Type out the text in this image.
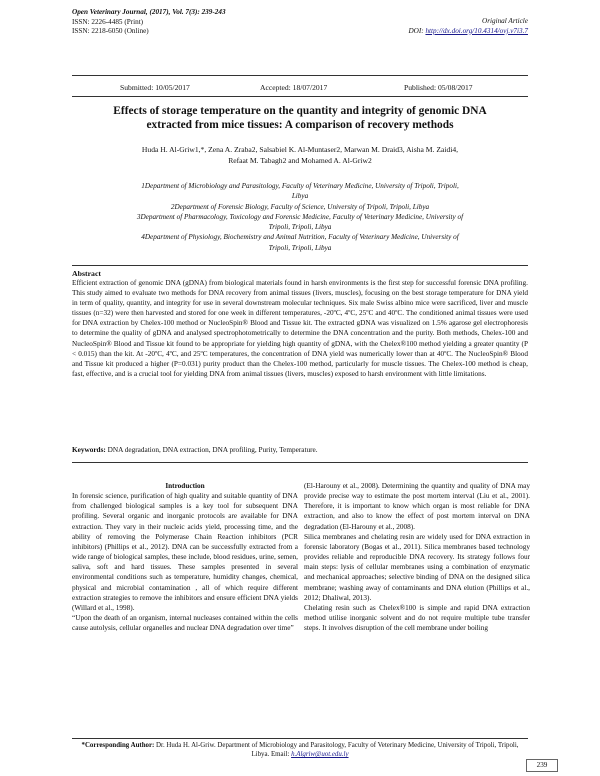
Open Veterinary Journal, (2017), Vol. 7(3): 239-243
ISSN: 2226-4485 (Print)
ISSN: 2218-6050 (Online)
Original Article
DOI: http://dx.doi.org/10.4314/ovj.v7i3.7
Submitted: 10/05/2017	Accepted: 18/07/2017	Published: 05/08/2017
Effects of storage temperature on the quantity and integrity of genomic DNA
extracted from mice tissues: A comparison of recovery methods
Huda H. Al-Griw1,*, Zena A. Zraba2, Salsabiel K. Al-Muntaser2, Marwan M. Draid3, Aisha M. Zaidi4,
Refaat M. Tabagh2 and Mohamed A. Al-Griw2
1Department of Microbiology and Parasitology, Faculty of Veterinary Medicine, University of Tripoli, Tripoli,
Libya
2Department of Forensic Biology, Faculty of Science, University of Tripoli, Tripoli, Libya
3Department of Pharmacology, Toxicology and Forensic Medicine, Faculty of Veterinary Medicine, University of
Tripoli, Tripoli, Libya
4Department of Physiology, Biochemistry and Animal Nutrition, Faculty of Veterinary Medicine, University of
Tripoli, Tripoli, Libya
Abstract
Efficient extraction of genomic DNA (gDNA) from biological materials found in harsh environments is the first step for successful forensic DNA profiling. This study aimed to evaluate two methods for DNA recovery from animal tissues (livers, muscles), focusing on the best storage temperature for DNA yield in term of quality, quantity, and integrity for use in several downstream molecular techniques. Six male Swiss albino mice were sacrificed, liver and muscle tissues (n=32) were then harvested and stored for one week in different temperatures, -20ºC, 4ºC, 25ºC and 40ºC. The conditioned animal tissues were used for DNA extraction by Chelex-100 method or NucleoSpin® Blood and Tissue kit. The extracted gDNA was visualized on 1.5% agarose gel electrophoresis to determine the quality of gDNA and analysed spectrophotometrically to determine the DNA concentration and the purity. Both methods, Chelex-100 and NucleoSpin® Blood and Tissue kit found to be appropriate for yielding high quantity of gDNA, with the Chelex®100 method yielding a greater quantity (P < 0.015) than the kit. At -20ºC, 4ºC, and 25ºC temperatures, the concentration of DNA yield was numerically lower than at 40ºC. The NucleoSpin® Blood and Tissue kit produced a higher (P=0.031) purity product than the Chelex-100 method, particularly for muscle tissues. The Chelex-100 method is cheap, fast, effective, and is a crucial tool for yielding DNA from animal tissues (livers, muscles) exposed to harsh environment with little limitations.
Keywords: DNA degradation, DNA extraction, DNA profiling, Purity, Temperature.
Introduction

In forensic science, purification of high quality and suitable quantity of DNA from challenged biological samples is a key tool for subsequent DNA profiling. Several organic and inorganic protocols are available for DNA extraction. They vary in their nucleic acids yield, processing time, and the ability of removing the Polymerase Chain Reaction inhibitors (PCR inhibitors) (Phillips et al., 2012). DNA can be successfully extracted from a wide range of biological samples, these include, blood residues, urine, semen, saliva, soft and hard tissues. These samples presented in several environmental conditions such as temperature, humidity changes, chemical, physical and microbial contamination , all of which require different extraction strategies to remove the inhibitors and ensure efficient DNA yields (Willard et al., 1998).

“Upon the death of an organism, internal nucleases contained within the cells cause autolysis, cellular organelles and nuclear DNA degradation over time”

(El-Harouny et al., 2008). Determining the quantity and quality of DNA may provide precise way to estimate the post mortem interval (Liu et al., 2001). Therefore, it is important to know which organ is most reliable for DNA extraction, and also to know the effect of post mortem interval on DNA degradation (El-Harouny et al., 2008).

Silica membranes and chelating resin are widely used for DNA extraction in forensic laboratory (Bogas et al., 2011). Silica membranes based technology provides reliable and reproducible DNA recovery. Its strategy follows four main steps: lysis of cellular membranes using a combination of enzymatic and mechanical approaches; selective binding of DNA on the designed silica membrane; washing away of contaminants and DNA elution (Phillips et al., 2012; Dhaliwal, 2013).

Chelating resin such as Chelex®100 is simple and rapid DNA extraction method utilise inorganic solvent and do not require multiple tube transfer steps. It involves disruption of the cell membrane under boiling

*Corresponding Author: Dr. Huda H. Al-Griw. Department of Microbiology and Parasitology, Faculty of Veterinary Medicine, University of Tripoli, Tripoli, Libya. Email: h.Algriw@uot.edu.ly
239
